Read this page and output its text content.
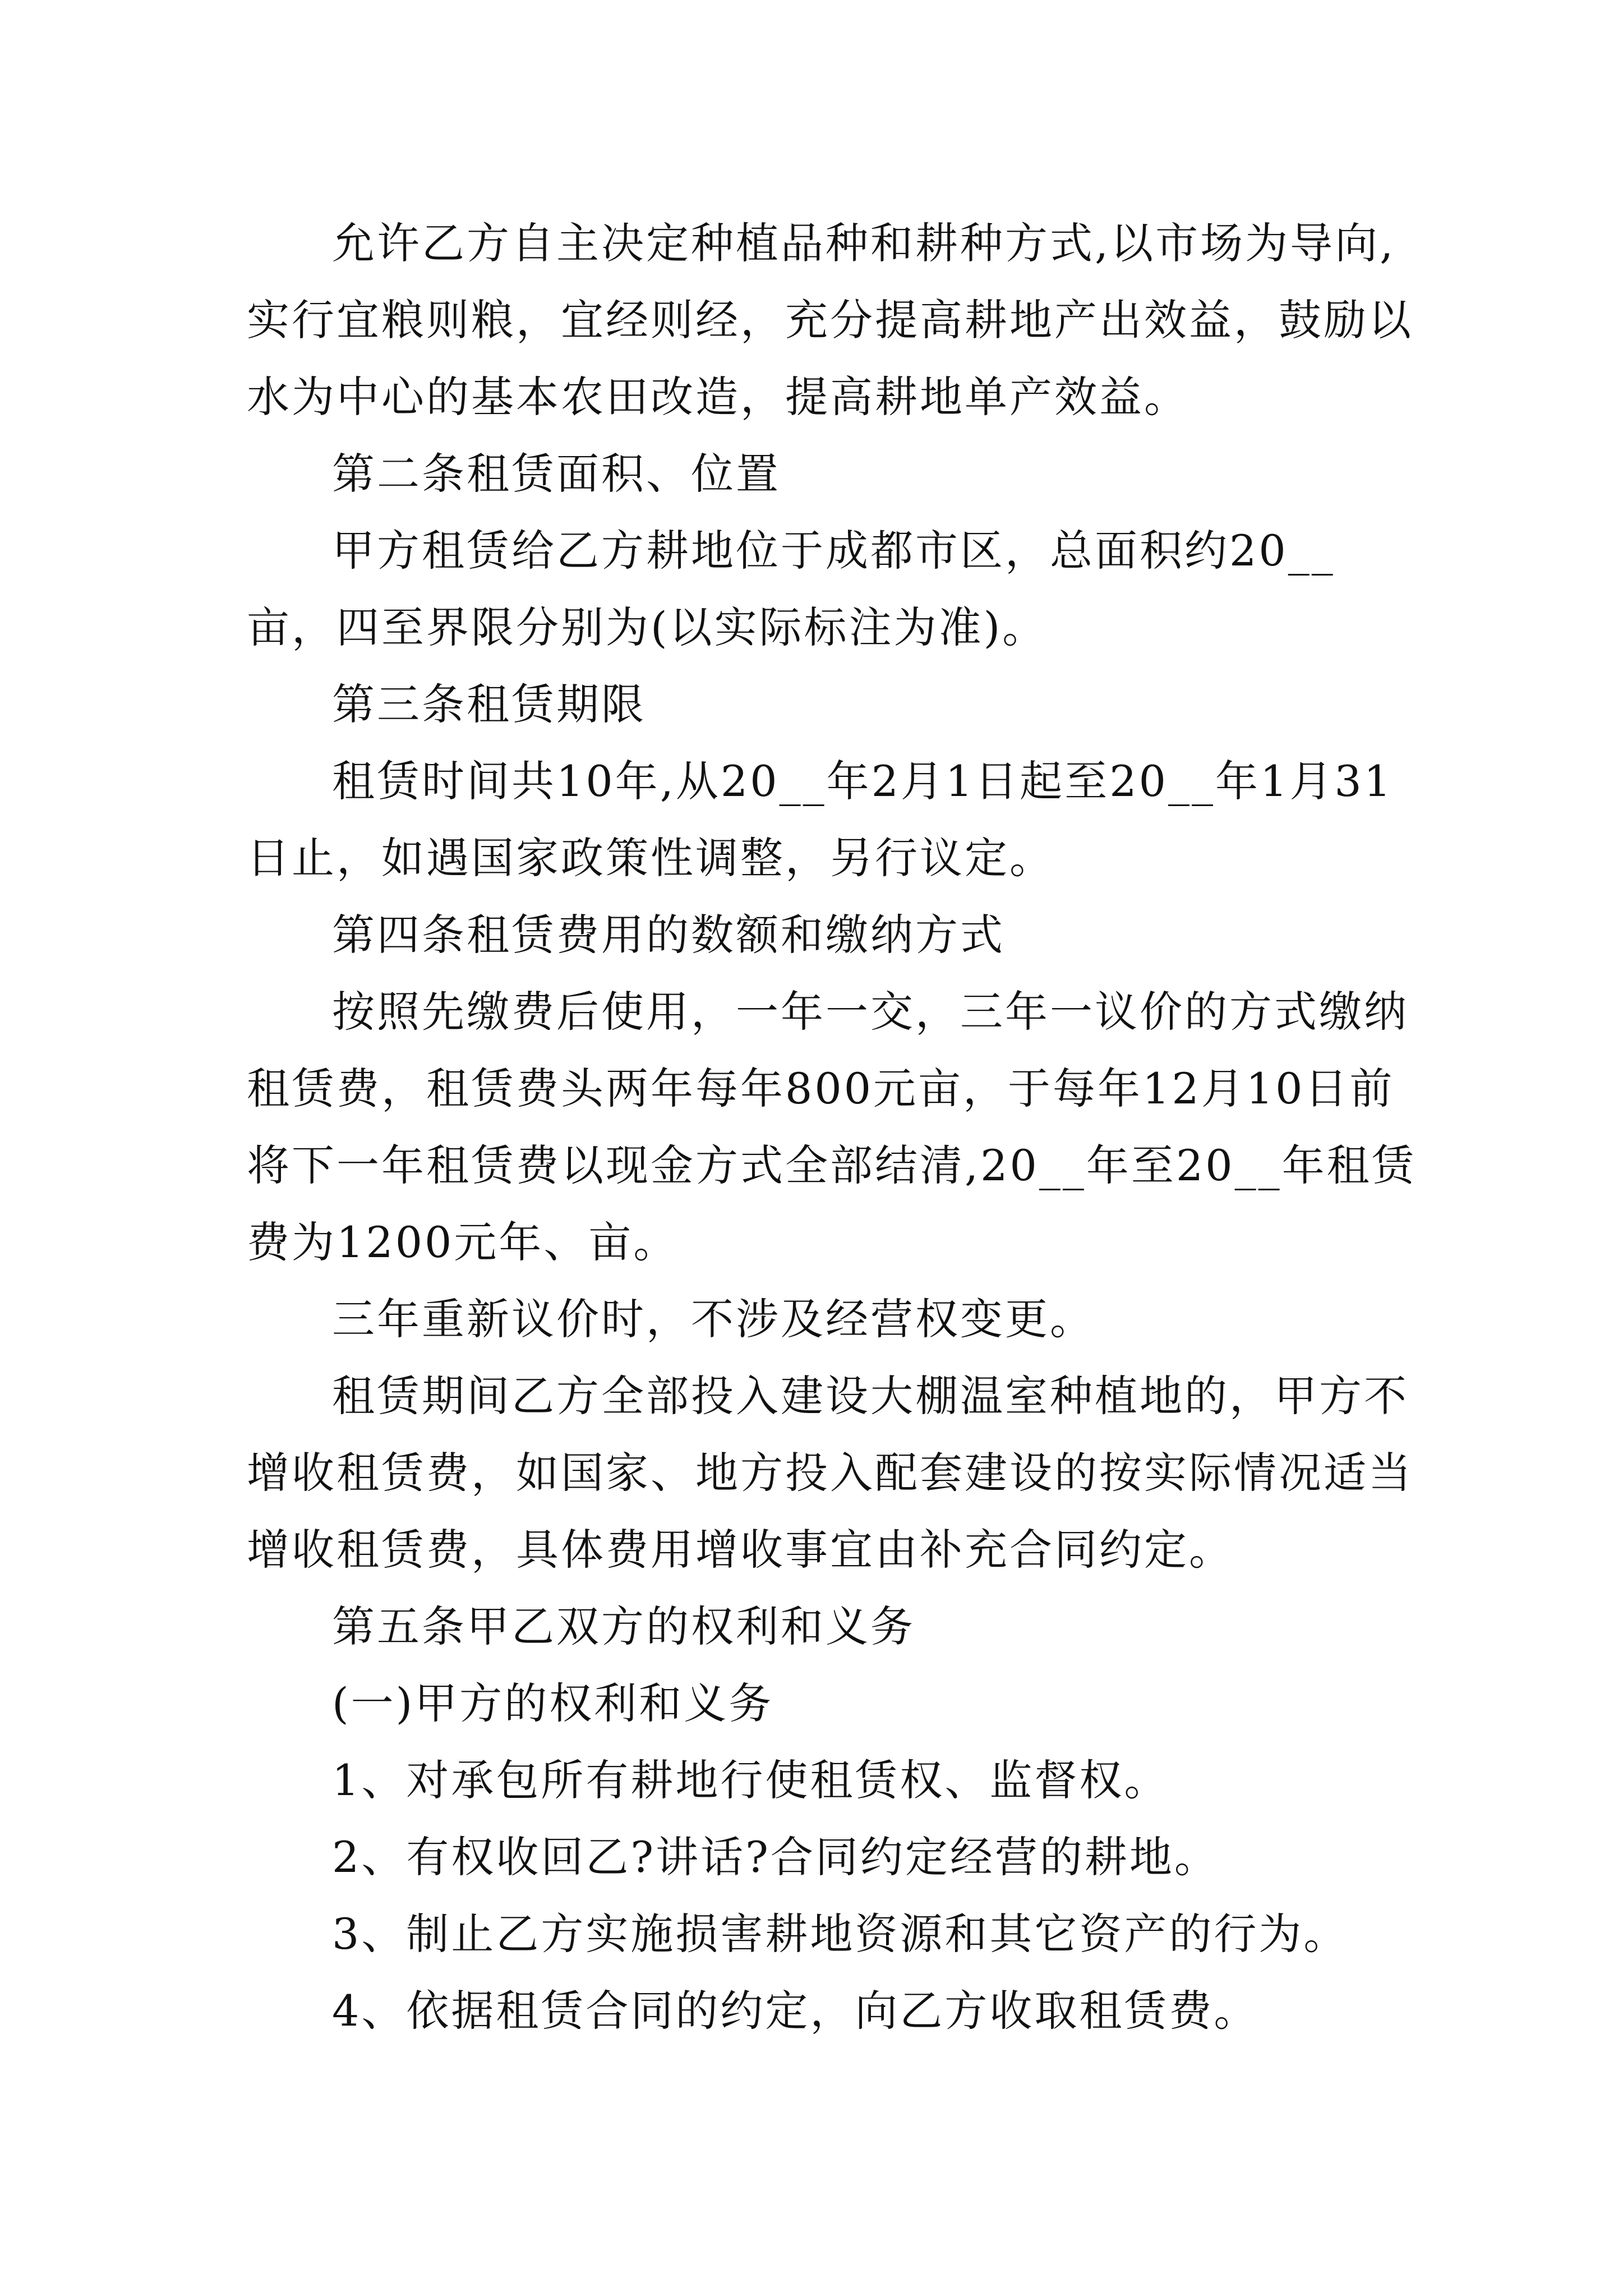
允许乙方自主决定种植品种和耕种方式,以市场为导向,实行宜粮则粮，宜经则经，充分提高耕地产出效益，鼓励以水为中心的基本农田改造，提高耕地单产效益。

第二条租赁面积、位置

甲方租赁给乙方耕地位于成都市区，总面积约20__亩，四至界限分别为(以实际标注为准)。

第三条租赁期限

租赁时间共10年,从20__年2月1日起至20__年1月31日止，如遇国家政策性调整，另行议定。

第四条租赁费用的数额和缴纳方式

按照先缴费后使用，一年一交，三年一议价的方式缴纳租赁费，租赁费头两年每年800元亩，于每年12月10日前将下一年租赁费以现金方式全部结清,20__年至20__年租赁费为1200元年、亩。

三年重新议价时，不涉及经营权变更。

租赁期间乙方全部投入建设大棚温室种植地的，甲方不增收租赁费，如国家、地方投入配套建设的按实际情况适当增收租赁费，具体费用增收事宜由补充合同约定。

第五条甲乙双方的权利和义务

(一)甲方的权利和义务

1、对承包所有耕地行使租赁权、监督权。

2、有权收回乙?讲话?合同约定经营的耕地。

3、制止乙方实施损害耕地资源和其它资产的行为。

4、依据租赁合同的约定，向乙方收取租赁费。
